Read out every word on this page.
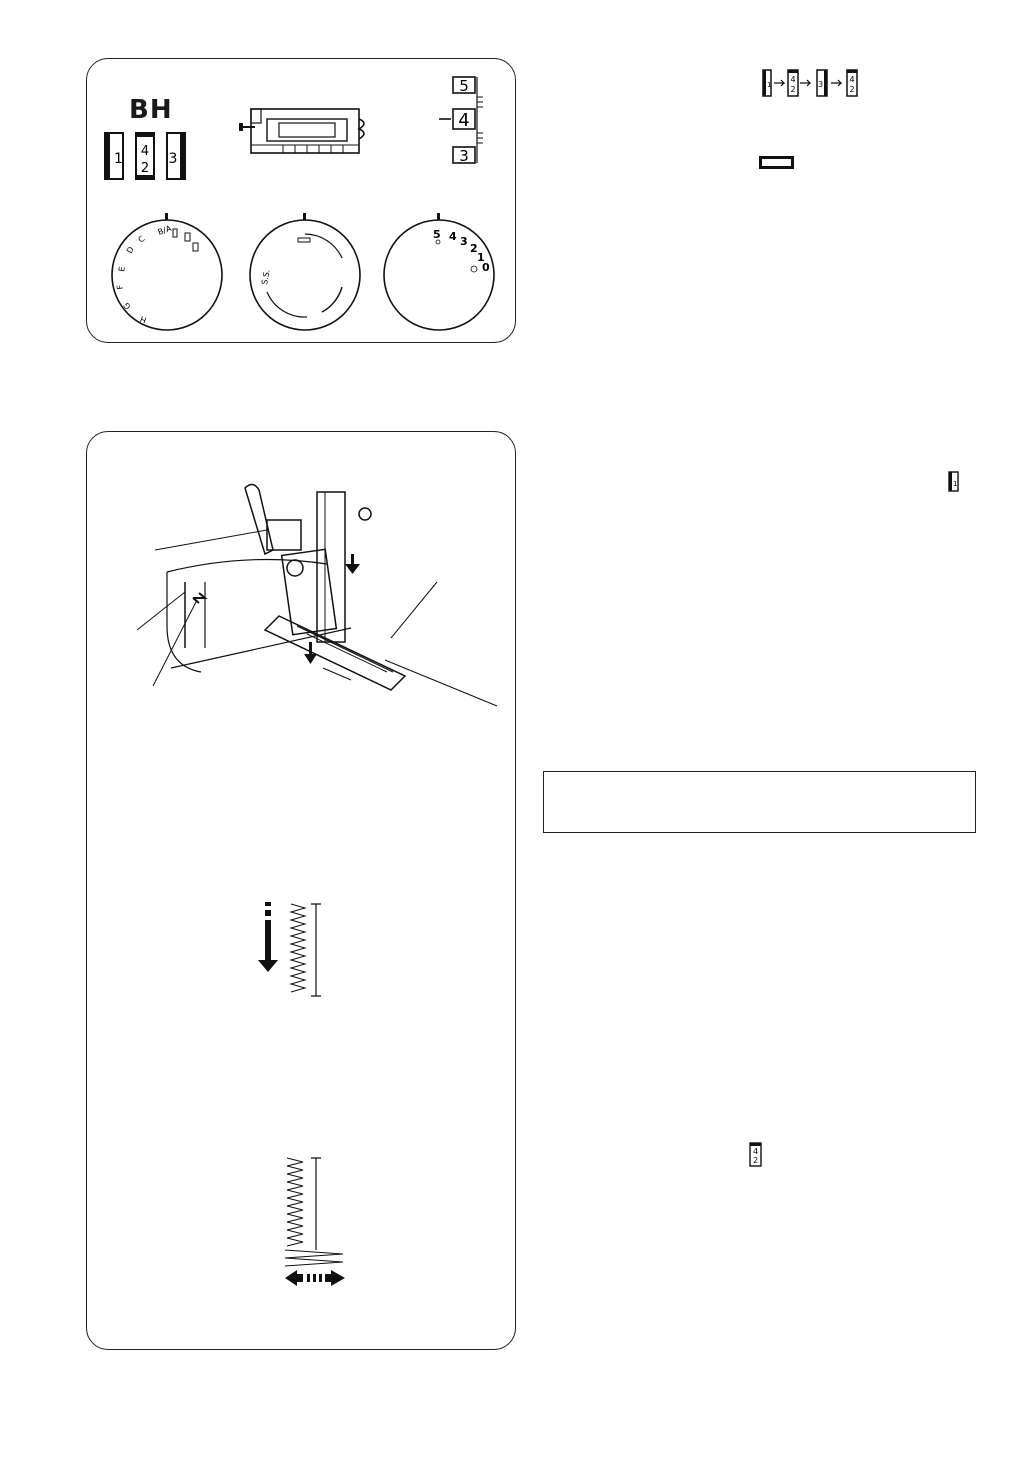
BH
1 4
2
3
5
4
3
B/A
C
D
E
F
G
H
S.S.
5 4 3
2
1
0
1
4
2
3
4
2
1
4
2
